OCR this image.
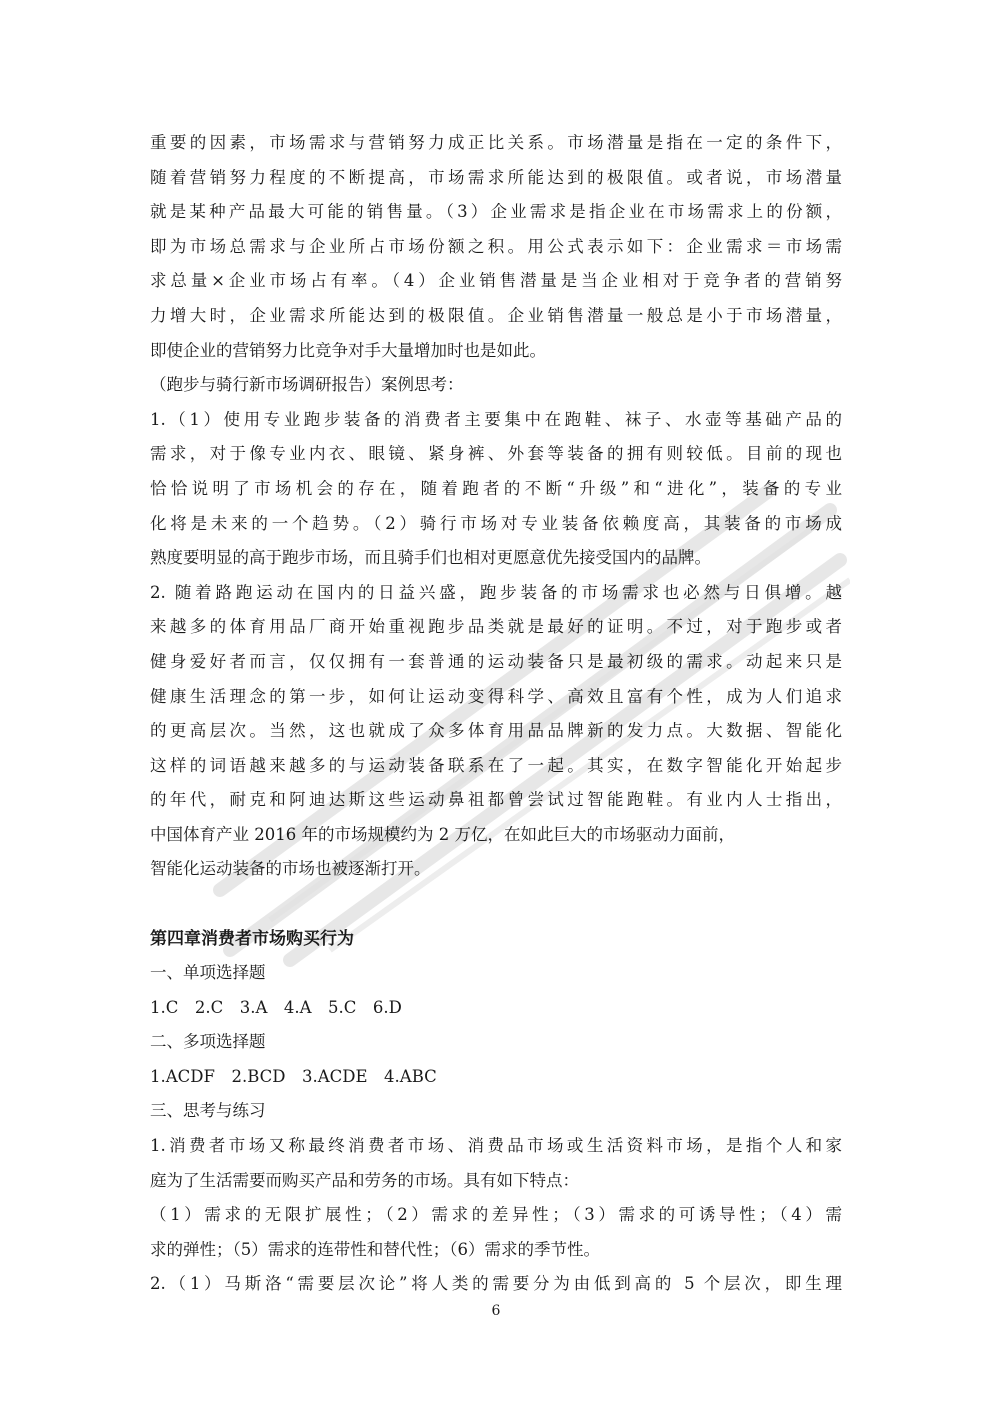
重要的因素，市场需求与营销努力成正比关系。市场潜量是指在一定的条件下，
随着营销努力程度的不断提高，市场需求所能达到的极限值。或者说，市场潜量
就是某种产品最大可能的销售量。（3）企业需求是指企业在市场需求上的份额，
即为市场总需求与企业所占市场份额之积。用公式表示如下：企业需求＝市场需
求总量×企业市场占有率。（4）企业销售潜量是当企业相对于竞争者的营销努
力增大时，企业需求所能达到的极限值。企业销售潜量一般总是小于市场潜量，
即使企业的营销努力比竞争对手大量增加时也是如此。
（跑步与骑行新市场调研报告）案例思考：
1.（1）使用专业跑步装备的消费者主要集中在跑鞋、袜子、水壶等基础产品的
需求，对于像专业内衣、眼镜、紧身裤、外套等装备的拥有则较低。目前的现也
恰恰说明了市场机会的存在，随着跑者的不断“升级”和“进化”，装备的专业
化将是未来的一个趋势。（2）骑行市场对专业装备依赖度高，其装备的市场成
熟度要明显的高于跑步市场，而且骑手们也相对更愿意优先接受国内的品牌。
2. 随着路跑运动在国内的日益兴盛，跑步装备的市场需求也必然与日俱增。越
来越多的体育用品厂商开始重视跑步品类就是最好的证明。不过，对于跑步或者
健身爱好者而言，仅仅拥有一套普通的运动装备只是最初级的需求。动起来只是
健康生活理念的第一步，如何让运动变得科学、高效且富有个性，成为人们追求
的更高层次。当然，这也就成了众多体育用品品牌新的发力点。大数据、智能化
这样的词语越来越多的与运动装备联系在了一起。其实，在数字智能化开始起步
的年代，耐克和阿迪达斯这些运动鼻祖都曾尝试过智能跑鞋。有业内人士指出，
中国体育产业 2016 年的市场规模约为 2 万亿，在如此巨大的市场驱动力面前，
智能化运动装备的市场也被逐渐打开。
第四章消费者市场购买行为
一、单项选择题
1.C　2.C　3.A　4.A　5.C　6.D
二、多项选择题
1.ACDF　2.BCD　3.ACDE　4.ABC
三、思考与练习
1.消费者市场又称最终消费者市场、消费品市场或生活资料市场，是指个人和家
庭为了生活需要而购买产品和劳务的市场。具有如下特点：
（1）需求的无限扩展性；（2）需求的差异性；（3）需求的可诱导性；（4）需
求的弹性；（5）需求的连带性和替代性；（6）需求的季节性。
2.（1）马斯洛“需要层次论”将人类的需要分为由低到高的 5 个层次，即生理
6
